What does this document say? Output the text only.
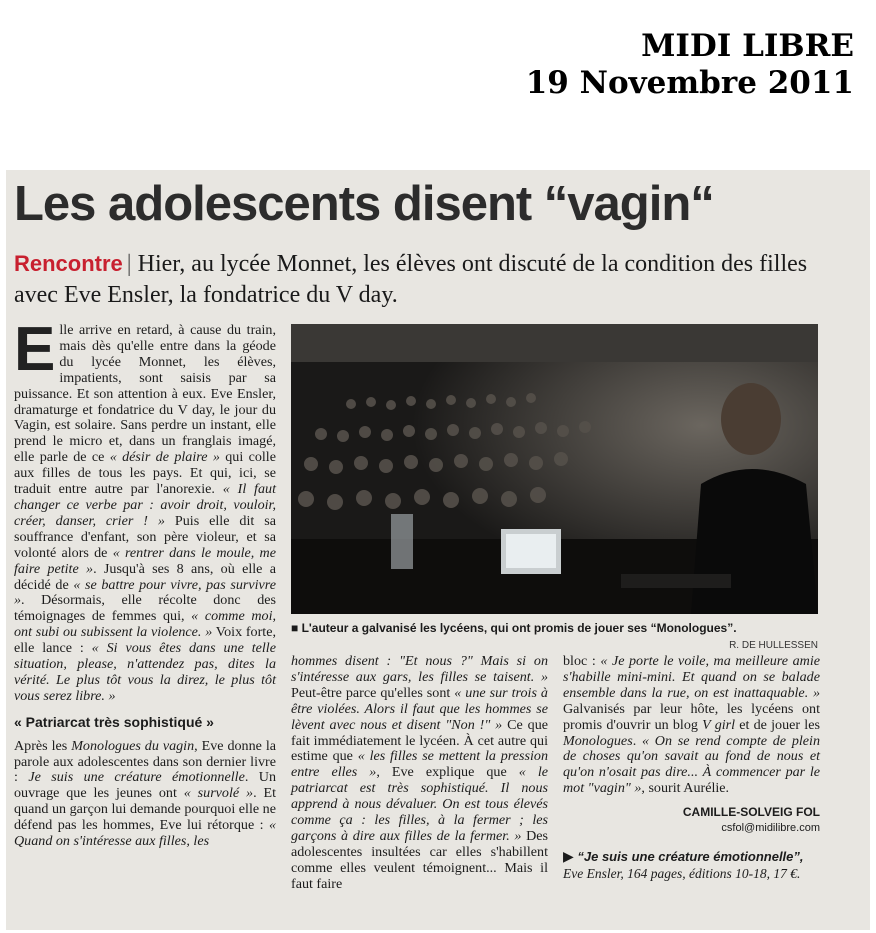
MIDI LIBRE
19 Novembre 2011
Les adolescents disent “vagin“
Rencontre | Hier, au lycée Monnet, les élèves ont discuté de la condition des filles avec Eve Ensler, la fondatrice du V day.

Elle arrive en retard, à cause du train, mais dès qu'elle entre dans la géode du lycée Monnet, les élèves, impatients, sont saisis par sa puissance. Et son attention à eux. Eve Ensler, dramaturge et fondatrice du V day, le jour du Vagin, est solaire. Sans perdre un instant, elle prend le micro et, dans un franglais imagé, elle parle de ce « désir de plaire » qui colle aux filles de tous les pays. Et qui, ici, se traduit entre autre par l'anorexie. « Il faut changer ce verbe par : avoir droit, vouloir, créer, danser, crier ! » Puis elle dit sa souffrance d'enfant, son père violeur, et sa volonté alors de « rentrer dans le moule, me faire petite ». Jusqu'à ses 8 ans, où elle a décidé de « se battre pour vivre, pas survivre ». Désormais, elle récolte donc des témoignages de femmes qui, « comme moi, ont subi ou subissent la violence. » Voix forte, elle lance : « Si vous êtes dans une telle situation, please, n'attendez pas, dites la vérité. Le plus tôt vous la direz, le plus tôt vous serez libre. »

« Patriarcat très sophistiqué »

Après les Monologues du vagin, Eve donne la parole aux adolescentes dans son dernier livre : Je suis une créature émotionnelle. Un ouvrage que les jeunes ont « survolé ». Et quand un garçon lui demande pourquoi elle ne défend pas les hommes, Eve lui rétorque : « Quand on s'intéresse aux filles, les

■ L'auteur a galvanisé les lycéens, qui ont promis de jouer ses “Monologues”.
R. DE HULLESSEN

hommes disent : "Et nous ?" Mais si on s'intéresse aux gars, les filles se taisent. » Peut-être parce qu'elles sont « une sur trois à être violées. Alors il faut que les hommes se lèvent avec nous et disent "Non !" » Ce que fait immédiatement le lycéen. À cet autre qui estime que « les filles se mettent la pression entre elles », Eve explique que « le patriarcat est très sophistiqué. Il nous apprend à nous dévaluer. On est tous élevés comme ça : les filles, à la fermer ; les garçons à dire aux filles de la fermer. » Des adolescentes insultées car elles s'habillent comme elles veulent témoignent... Mais il faut faire

bloc : « Je porte le voile, ma meilleure amie s'habille mini-mini. Et quand on se balade ensemble dans la rue, on est inattaquable. » Galvanisés par leur hôte, les lycéens ont promis d'ouvrir un blog V girl et de jouer les Monologues. « On se rend compte de plein de choses qu'on savait au fond de nous et qu'on n'osait pas dire... À commencer par le mot "vagin" », sourit Aurélie.

CAMILLE-SOLVEIG FOL

csfol@midilibre.com

▶ “Je suis une créature émotionnelle”,
Eve Ensler, 164 pages, éditions 10-18, 17 €.
